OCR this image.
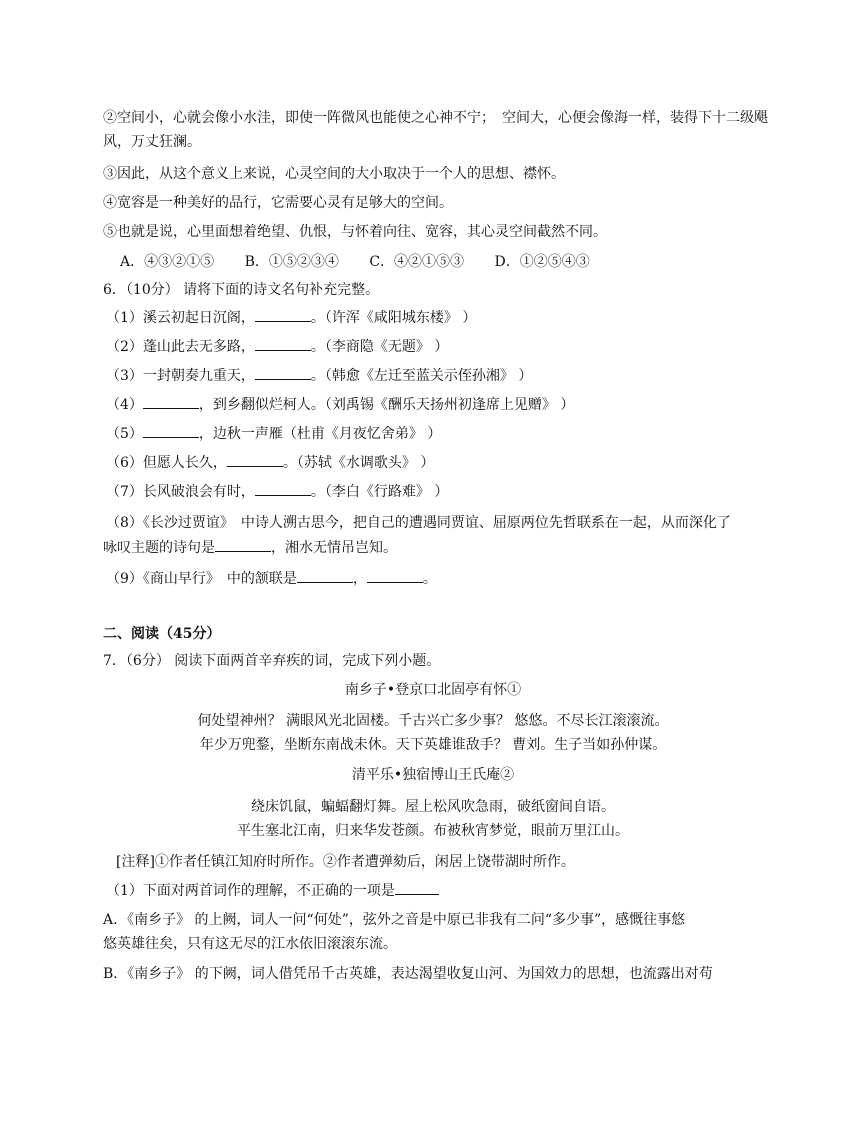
②空间小，心就会像小水洼，即使一阵微风也能使之心神不宁；　空间大，心便会像海一样，装得下十二级飓风，万丈狂澜。
③因此，从这个意义上来说，心灵空间的大小取决于一个人的思想、襟怀。
④宽容是一种美好的品行，它需要心灵有足够大的空间。
⑤也就是说，心里面想着绝望、仇恨，与怀着向往、宽容，其心灵空间截然不同。
A．④③②①⑤ B．①⑤②③④ C．④②①⑤③ D．①②⑤④③
6．（10分） 请将下面的诗文名句补充完整。
（1）溪云初起日沉阁，	。（许浑《咸阳城东楼》 ）
（2）蓬山此去无多路，	。（李商隐《无题》 ）
（3）一封朝奏九重天，	。（韩愈《左迁至蓝关示侄孙湘》 ）
（4）	，到乡翻似烂柯人。（刘禹锡《酬乐天扬州初逢席上见赠》 ）
（5）	，边秋一声雁（杜甫《月夜忆舍弟》 ）
（6）但愿人长久，	。（苏轼《水调歌头》 ）
（7）长风破浪会有时，	。（李白《行路难》 ）
（8）《长沙过贾谊》　中诗人溯古思今，把自己的遭遇同贾谊、屈原两位先哲联系在一起，从而深化了
咏叹主题的诗句是	，湘水无情吊岂知。
（9）《商山早行》　中的颔联是	，	。
二、阅读（45分）
7．（6分） 阅读下面两首辛弃疾的词，完成下列小题。
南乡子•登京口北固亭有怀①
何处望神州？ 满眼风光北固楼。千古兴亡多少事？ 悠悠。不尽长江滚滚流。
年少万兜鍪，坐断东南战未休。天下英雄谁敌手？ 曹刘。生子当如孙仲谋。
清平乐•独宿博山王氏庵②
绕床饥鼠，蝙蝠翻灯舞。屋上松风吹急雨，破纸窗间自语。
平生塞北江南，归来华发苍颜。布被秋宵梦觉，眼前万里江山。
[注释]①作者任镇江知府时所作。②作者遭弹劾后，闲居上饶带湖时所作。
（1）下面对两首词作的理解，不正确的一项是
A．《南乡子》 的上阙，词人一问“何处”，弦外之音是中原已非我有二问“多少事”，感慨往事悠
悠英雄往矣，只有这无尽的江水依旧滚滚东流。
B．《南乡子》 的下阙，词人借凭吊千古英雄，表达渴望收复山河、为国效力的思想，也流露出对苟
